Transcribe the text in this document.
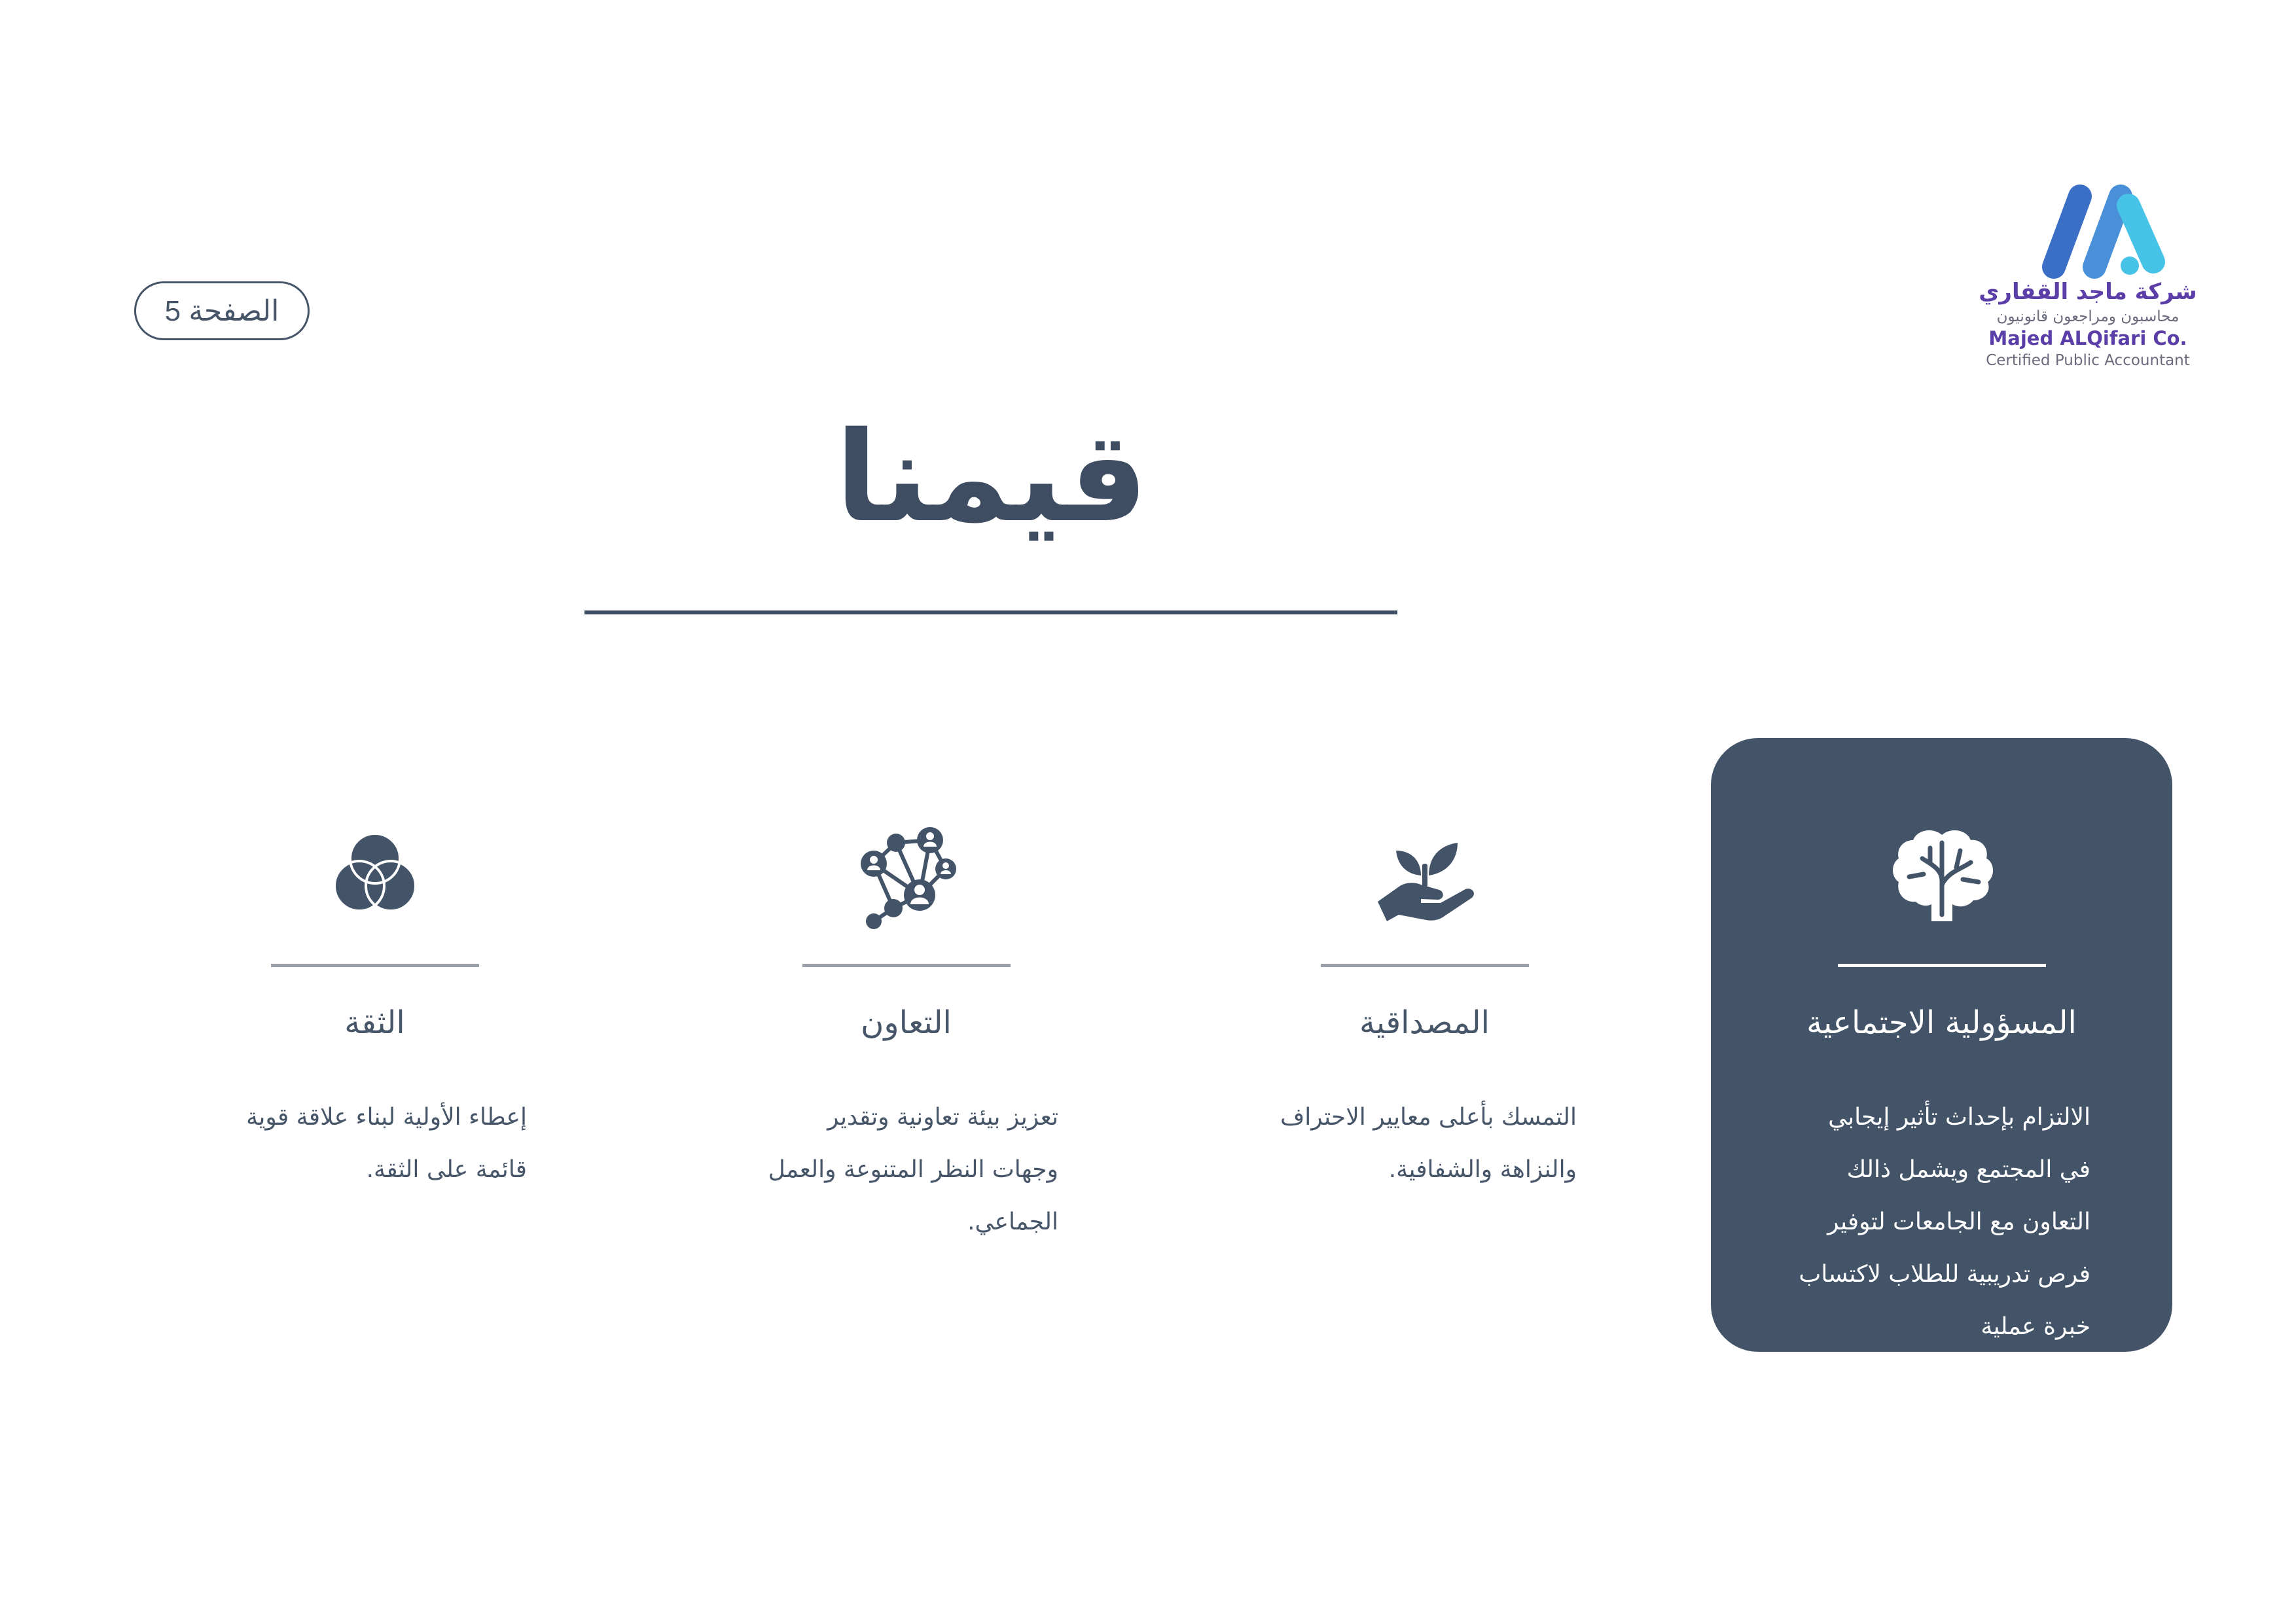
الصفحة 5
شركة ماجد القفاري
محاسبون ومراجعون قانونيون
Majed ALQifari Co.
Certified Public Accountant
قيمنا
المسؤولية الاجتماعية
الالتزام بإحداث تأثير إيجابي في المجتمع ويشمل ذالك التعاون مع الجامعات لتوفير فرص تدريبية للطلاب لاكتساب خبرة عملية
المصداقية
التمسك بأعلى معايير الاحتراف والنزاهة والشفافية.
التعاون
تعزيز بيئة تعاونية وتقدير وجهات النظر المتنوعة والعمل الجماعي.
الثقة
إعطاء الأولية لبناء علاقة قوية قائمة على الثقة.
